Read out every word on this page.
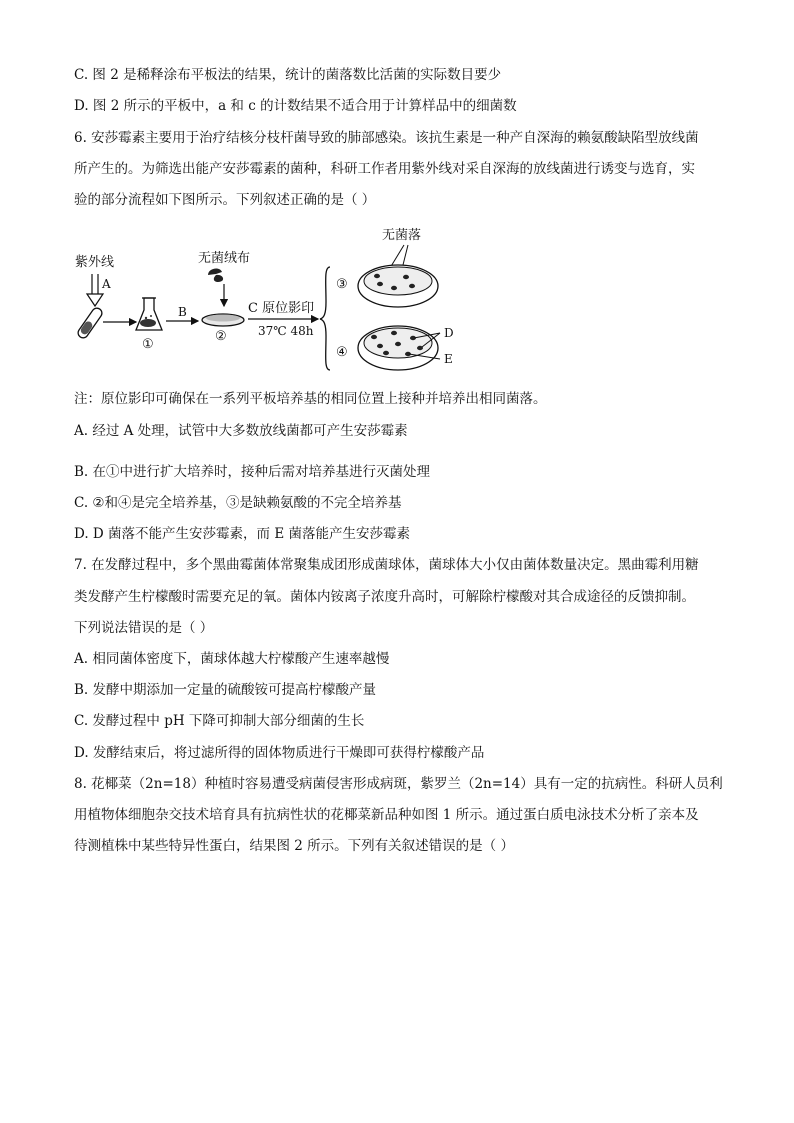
C. 图 2 是稀释涂布平板法的结果，统计的菌落数比活菌的实际数目要少
D. 图 2 所示的平板中，a 和 c 的计数结果不适合用于计算样品中的细菌数
6. 安莎霉素主要用于治疗结核分枝杆菌导致的肺部感染。该抗生素是一种产自深海的赖氨酸缺陷型放线菌
所产生的。为筛选出能产安莎霉素的菌种，科研工作者用紫外线对采自深海的放线菌进行诱变与选育，实
验的部分流程如下图所示。下列叙述正确的是（ ）
紫外线
A
①
B
无菌绒布
②
C 原位影印
37℃ 48h
③
无菌落
④
D
E
注：原位影印可确保在一系列平板培养基的相同位置上接种并培养出相同菌落。
A. 经过 A 处理，试管中大多数放线菌都可产生安莎霉素
B. 在①中进行扩大培养时，接种后需对培养基进行灭菌处理
C. ②和④是完全培养基，③是缺赖氨酸的不完全培养基
D. D 菌落不能产生安莎霉素，而 E 菌落能产生安莎霉素
7. 在发酵过程中，多个黑曲霉菌体常聚集成团形成菌球体，菌球体大小仅由菌体数量决定。黑曲霉利用糖
类发酵产生柠檬酸时需要充足的氧。菌体内铵离子浓度升高时，可解除柠檬酸对其合成途径的反馈抑制。
下列说法错误的是（ ）
A. 相同菌体密度下，菌球体越大柠檬酸产生速率越慢
B. 发酵中期添加一定量的硫酸铵可提高柠檬酸产量
C. 发酵过程中 pH 下降可抑制大部分细菌的生长
D. 发酵结束后，将过滤所得的固体物质进行干燥即可获得柠檬酸产品
8. 花椰菜（2n=18）种植时容易遭受病菌侵害形成病斑，紫罗兰（2n=14）具有一定的抗病性。科研人员利
用植物体细胞杂交技术培育具有抗病性状的花椰菜新品种如图 1 所示。通过蛋白质电泳技术分析了亲本及
待测植株中某些特异性蛋白，结果图 2 所示。下列有关叙述错误的是（ ）
